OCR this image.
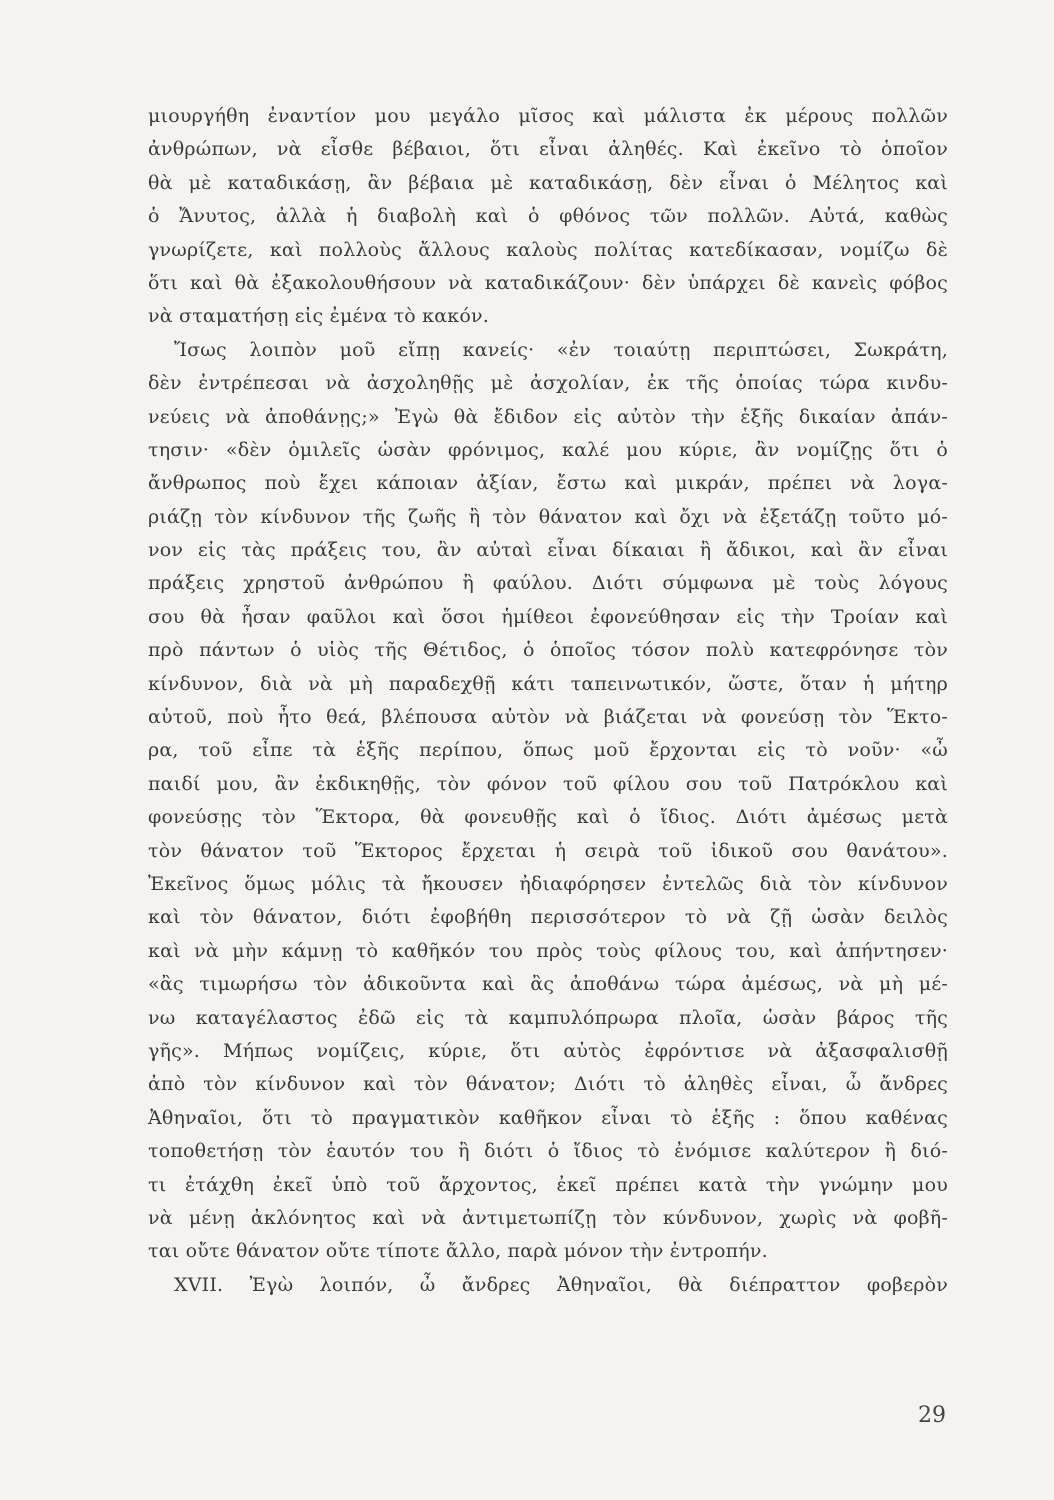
μιουργήθη ἐναντίον μου μεγάλο μῖσος καὶ μάλιστα ἐκ μέρους πολλῶν
ἀνθρώπων, νὰ εἶσθε βέβαιοι, ὅτι εἶναι ἀληθές. Καὶ ἐκεῖνο τὸ ὁποῖον
θὰ μὲ καταδικάσῃ, ἂν βέβαια μὲ καταδικάσῃ, δὲν εἶναι ὁ Μέλητος καὶ
ὁ Ἄνυτος, ἀλλὰ ἡ διαβολὴ καὶ ὁ φθόνος τῶν πολλῶν. Αὐτά, καθὼς
γνωρίζετε, καὶ πολλοὺς ἄλλους καλοὺς πολίτας κατεδίκασαν, νομίζω δὲ
ὅτι καὶ θὰ ἐξακολουθήσουν νὰ καταδικάζουν· δὲν ὑπάρχει δὲ κανεὶς φόβος
νὰ σταματήσῃ εἰς ἐμένα τὸ κακόν.
Ἴσως λοιπὸν μοῦ εἴπῃ κανείς· «ἐν τοιαύτῃ περιπτώσει, Σωκράτη,
δὲν ἐντρέπεσαι νὰ ἀσχοληθῇς μὲ ἀσχολίαν, ἐκ τῆς ὁποίας τώρα κινδυ-
νεύεις νὰ ἀποθάνῃς;» Ἐγὼ θὰ ἔδιδον εἰς αὐτὸν τὴν ἑξῆς δικαίαν ἀπάν-
τησιν· «δὲν ὁμιλεῖς ὡσὰν φρόνιμος, καλέ μου κύριε, ἂν νομίζῃς ὅτι ὁ
ἄνθρωπος ποὺ ἔχει κάποιαν ἀξίαν, ἔστω καὶ μικράν, πρέπει νὰ λογα-
ριάζῃ τὸν κίνδυνον τῆς ζωῆς ἢ τὸν θάνατον καὶ ὄχι νὰ ἐξετάζῃ τοῦτο μό-
νον εἰς τὰς πράξεις του, ἂν αὐταὶ εἶναι δίκαιαι ἢ ἄδικοι, καὶ ἂν εἶναι
πράξεις χρηστοῦ ἀνθρώπου ἢ φαύλου. Διότι σύμφωνα μὲ τοὺς λόγους
σου θὰ ἦσαν φαῦλοι καὶ ὅσοι ἡμίθεοι ἐφονεύθησαν εἰς τὴν Τροίαν καὶ
πρὸ πάντων ὁ υἱὸς τῆς Θέτιδος, ὁ ὁποῖος τόσον πολὺ κατεφρόνησε τὸν
κίνδυνον, διὰ νὰ μὴ παραδεχθῇ κάτι ταπεινωτικόν, ὥστε, ὅταν ἡ μήτηρ
αὐτοῦ, ποὺ ἦτο θεά, βλέπουσα αὐτὸν νὰ βιάζεται νὰ φονεύσῃ τὸν Ἕκτο-
ρα, τοῦ εἶπε τὰ ἑξῆς περίπου, ὅπως μοῦ ἔρχονται εἰς τὸ νοῦν· «ὦ
παιδί μου, ἂν ἐκδικηθῇς, τὸν φόνον τοῦ φίλου σου τοῦ Πατρόκλου καὶ
φονεύσῃς τὸν Ἕκτορα, θὰ φονευθῇς καὶ ὁ ἴδιος. Διότι ἀμέσως μετὰ
τὸν θάνατον τοῦ Ἕκτορος ἔρχεται ἡ σειρὰ τοῦ ἰδικοῦ σου θανάτου».
Ἐκεῖνος ὅμως μόλις τὰ ἤκουσεν ἠδιαφόρησεν ἐντελῶς διὰ τὸν κίνδυνον
καὶ τὸν θάνατον, διότι ἐφοβήθη περισσότερον τὸ νὰ ζῇ ὡσὰν δειλὸς
καὶ νὰ μὴν κάμνῃ τὸ καθῆκόν του πρὸς τοὺς φίλους του, καὶ ἀπήντησεν·
«ἂς τιμωρήσω τὸν ἀδικοῦντα καὶ ἂς ἀποθάνω τώρα ἀμέσως, νὰ μὴ μέ-
νω καταγέλαστος ἐδῶ εἰς τὰ καμπυλόπρωρα πλοῖα, ὡσὰν βάρος τῆς
γῆς». Μήπως νομίζεις, κύριε, ὅτι αὐτὸς ἐφρόντισε νὰ ἀξασφαλισθῇ
ἀπὸ τὸν κίνδυνον καὶ τὸν θάνατον; Διότι τὸ ἀληθὲς εἶναι, ὦ ἄνδρες
Ἀθηναῖοι, ὅτι τὸ πραγματικὸν καθῆκον εἶναι τὸ ἑξῆς : ὅπου καθένας
τοποθετήσῃ τὸν ἑαυτόν του ἢ διότι ὁ ἴδιος τὸ ἐνόμισε καλύτερον ἢ διό-
τι ἐτάχθη ἐκεῖ ὑπὸ τοῦ ἄρχοντος, ἐκεῖ πρέπει κατὰ τὴν γνώμην μου
νὰ μένῃ ἀκλόνητος καὶ νὰ ἀντιμετωπίζῃ τὸν κύνδυνον, χωρὶς νὰ φοβῆ-
ται οὔτε θάνατον οὔτε τίποτε ἄλλο, παρὰ μόνον τὴν ἐντροπήν.
XVII. Ἐγὼ λοιπόν, ὦ ἄνδρες Ἀθηναῖοι, θὰ διέπραττον φοβερὸν
29
